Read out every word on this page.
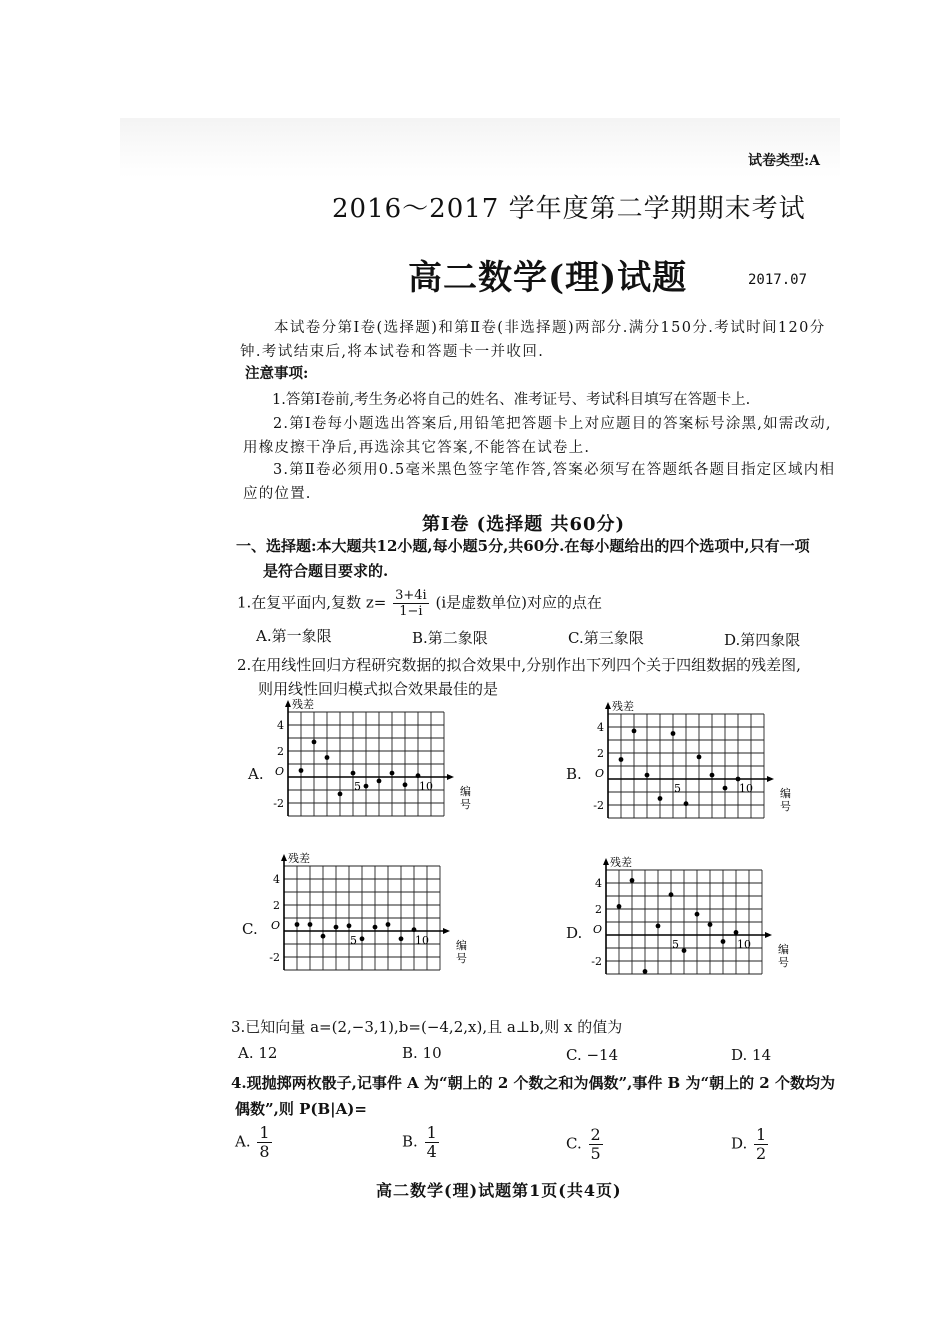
试卷类型:A
2016～2017 学年度第二学期期末考试
高二数学(理)试题	2017.07
本试卷分第Ⅰ卷(选择题)和第Ⅱ卷(非选择题)两部分.满分150分.考试时间120分钟.考试结束后,将本试卷和答题卡一并收回.
注意事项:
1.答第Ⅰ卷前,考生务必将自己的姓名、准考证号、考试科目填写在答题卡上.
2.第Ⅰ卷每小题选出答案后,用铅笔把答题卡上对应题目的答案标号涂黑,如需改动,用橡皮擦干净后,再选涂其它答案,不能答在试卷上.
3.第Ⅱ卷必须用0.5毫米黑色签字笔作答,答案必须写在答题纸各题目指定区域内相应的位置.
第Ⅰ卷 (选择题 共60分)
一、选择题:本大题共12小题,每小题5分,共60分.在每小题给出的四个选项中,只有一项
是符合题目要求的.
1.在复平面内,复数 $z= \frac{3+4i}{1-i} (i$是虚数单位)对应的点在
A.第一象限	B.第二象限	C.第三象限	D.第四象限
2.在用线性回归方程研究数据的拟合效果中,分别作出下列四个关于四组数据的残差图,
则用线性回归模式拟合效果最佳的是
A.	B.
C.	D.
残差
4
2
O
-2
5	10 编号
残差
4
2
O
-2
5	10 编号
残差
4
2
O
-2
5	10 编号
残差
4
2
O
-2
5	10 编号
3.已知向量 a=(2,−3,1),b=(−4,2,x),且 a⊥b,则 x 的值为
A. 12	B. 10	C. −14	D. 14
4.现抛掷两枚骰子,记事件 A 为“朝上的 2 个数之和为偶数”,事件 B 为“朝上的 2 个数均为
偶数”,则 P(B|A)=
A. $\frac{1}{8}$	B. $\frac{1}{4}$	C. $\frac{2}{5}$	D. $\frac{1}{2}$
高二数学(理)试题第1页(共4页)
